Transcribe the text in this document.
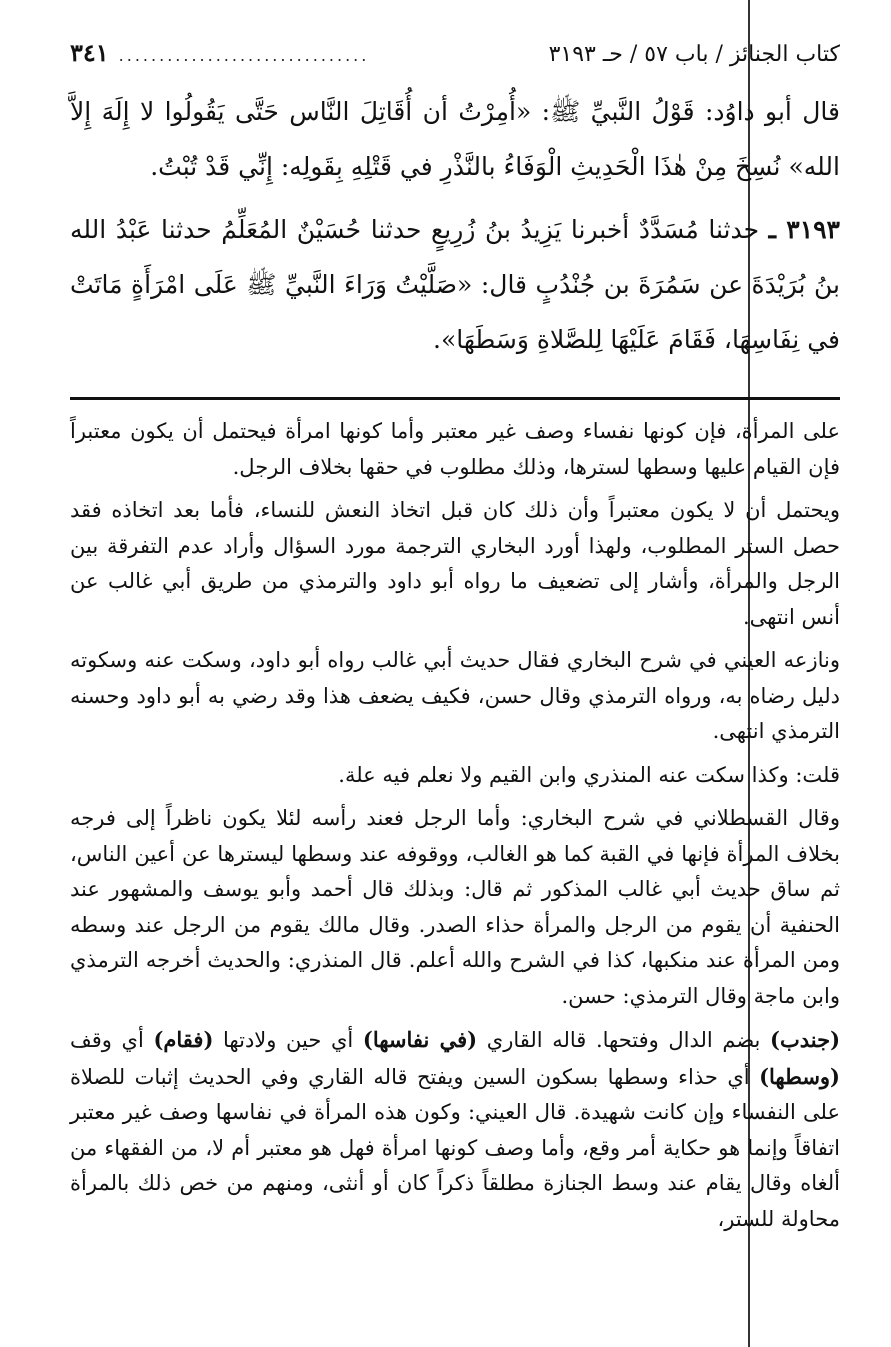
كتاب الجنائز / باب ٥٧ / حـ ٣١٩٣
...............................
٣٤١

قال أبو داوُد: قَوْلُ النَّبيِّ ﷺ: «أُمِرْتُ أن أُقَاتِلَ النَّاس حَتَّى يَقُولُوا لا إِلَهَ إِلاَّ الله» نُسِخَ مِنْ هٰذَا الْحَدِيثِ الْوَفَاءُ بالنَّذْرِ في قَتْلِهِ بِقَولِه: إِنِّي قَدْ تُبْتُ.

٣١٩٣ ـ حدثنا مُسَدَّدٌ أخبرنا يَزِيدُ بنُ زُرِيعٍ حدثنا حُسَيْنٌ المُعَلِّمُ حدثنا عَبْدُ الله بنُ بُرَيْدَةَ عن سَمُرَةَ بن جُنْدُبٍ قال: «صَلَّيْتُ وَرَاءَ النَّبيِّ ﷺ عَلَى امْرَأَةٍ مَاتَتْ في نِفَاسِهَا، فَقَامَ عَلَيْهَا لِلصَّلاةِ وَسَطَهَا».

على المرأة، فإن كونها نفساء وصف غير معتبر وأما كونها امرأة فيحتمل أن يكون معتبراً فإن القيام عليها وسطها لسترها، وذلك مطلوب في حقها بخلاف الرجل.

ويحتمل أن لا يكون معتبراً وأن ذلك كان قبل اتخاذ النعش للنساء، فأما بعد اتخاذه فقد حصل الستر المطلوب، ولهذا أورد البخاري الترجمة مورد السؤال وأراد عدم التفرقة بين الرجل والمرأة، وأشار إلى تضعيف ما رواه أبو داود والترمذي من طريق أبي غالب عن أنس انتهى.

ونازعه العيني في شرح البخاري فقال حديث أبي غالب رواه أبو داود، وسكت عنه وسكوته دليل رضاه به، ورواه الترمذي وقال حسن، فكيف يضعف هذا وقد رضي به أبو داود وحسنه الترمذي انتهى.

قلت: وكذا سكت عنه المنذري وابن القيم ولا نعلم فيه علة.

وقال القسطلاني في شرح البخاري: وأما الرجل فعند رأسه لئلا يكون ناظراً إلى فرجه بخلاف المرأة فإنها في القبة كما هو الغالب، ووقوفه عند وسطها ليسترها عن أعين الناس، ثم ساق حديث أبي غالب المذكور ثم قال: وبذلك قال أحمد وأبو يوسف والمشهور عند الحنفية أن يقوم من الرجل والمرأة حذاء الصدر. وقال مالك يقوم من الرجل عند وسطه ومن المرأة عند منكبها، كذا في الشرح والله أعلم. قال المنذري: والحديث أخرجه الترمذي وابن ماجة وقال الترمذي: حسن.

(جندب) بضم الدال وفتحها. قاله القاري (في نفاسها) أي حين ولادتها (فقام) أي وقف (وسطها) أي حذاء وسطها بسكون السين ويفتح قاله القاري وفي الحديث إثبات للصلاة على النفساء وإن كانت شهيدة. قال العيني: وكون هذه المرأة في نفاسها وصف غير معتبر اتفاقاً وإنما هو حكاية أمر وقع، وأما وصف كونها امرأة فهل هو معتبر أم لا، من الفقهاء من ألغاه وقال يقام عند وسط الجنازة مطلقاً ذكراً كان أو أنثى، ومنهم من خص ذلك بالمرأة محاولة للستر،
